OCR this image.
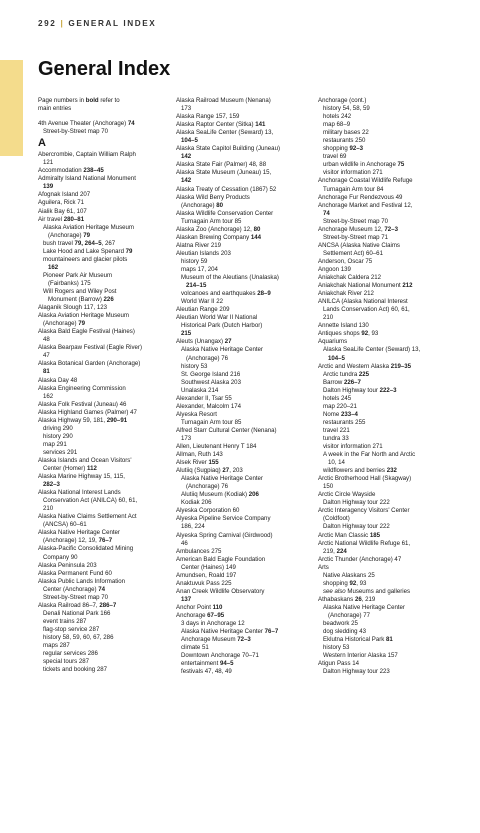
292 | GENERAL INDEX
General Index
Page numbers in bold refer to
main entries
4th Avenue Theater (Anchorage) 74
Street-by-Street map 70
A
Abercrombie, Captain William Ralph
121
Accommodation 238–45
Admiralty Island National Monument
139
Afognak Island 207
Aguilera, Rick 71
Aialik Bay 61, 107
Air travel 280–81
Alaska Aviation Heritage Museum
(Anchorage) 79
bush travel 79, 264–5, 267
Lake Hood and Lake Spenard 79
mountaineers and glacier pilots
162
Pioneer Park Air Museum
(Fairbanks) 175
Will Rogers and Wiley Post
Monument (Barrow) 226
Alaganik Slough 117, 123
Alaska Aviation Heritage Museum
(Anchorage) 79
Alaska Bald Eagle Festival (Haines)
48
Alaska Bearpaw Festival (Eagle River)
47
Alaska Botanical Garden (Anchorage)
81
Alaska Day 48
Alaska Engineering Commission
162
Alaska Folk Festival (Juneau) 46
Alaska Highland Games (Palmer) 47
Alaska Highway 59, 181, 290–91
driving 290
history 290
map 291
services 291
Alaska Islands and Ocean Visitors'
Center (Homer) 112
Alaska Marine Highway 15, 115,
282–3
Alaska National Interest Lands
Conservation Act (ANILCA) 60, 61,
210
Alaska Native Claims Settlement Act
(ANCSA) 60–61
Alaska Native Heritage Center
(Anchorage) 12, 19, 76–7
Alaska-Pacific Consolidated Mining
Company 90
Alaska Peninsula 203
Alaska Permanent Fund 60
Alaska Public Lands Information
Center (Anchorage) 74
Street-by-Street map 70
Alaska Railroad 86–7, 286–7
Denali National Park 166
event trains 287
flag-stop service 287
history 58, 59, 60, 67, 286
maps 287
regular services 286
special tours 287
tickets and booking 287
Alaska Railroad Museum (Nenana)
173
Alaska Range 157, 159
Alaska Raptor Center (Sitka) 141
Alaska SeaLife Center (Seward) 13,
104–5
Alaska State Capitol Building (Juneau)
142
Alaska State Fair (Palmer) 48, 88
Alaska State Museum (Juneau) 15,
142
Alaska Treaty of Cessation (1867) 52
Alaska Wild Berry Products
(Anchorage) 80
Alaska Wildlife Conservation Center
Turnagain Arm tour 85
Alaska Zoo (Anchorage) 12, 80
Alaskan Brewing Company 144
Alatna River 219
Aleutian Islands 203
history 59
maps 17, 204
Museum of the Aleutians (Unalaska)
214–15
volcanoes and earthquakes 28–9
World War II 22
Aleutian Range 209
Aleutian World War II National
Historical Park (Dutch Harbor)
215
Aleuts (Unangax) 27
Alaska Native Heritage Center
(Anchorage) 76
history 53
St. George Island 216
Southwest Alaska 203
Unalaska 214
Alexander II, Tsar 55
Alexander, Malcolm 174
Alyeska Resort
Turnagain Arm tour 85
Alfred Starr Cultural Center (Nenana)
173
Allen, Lieutenant Henry T 184
Allman, Ruth 143
Alsek River 155
Alutiiq (Sugpiaq) 27, 203
Alaska Native Heritage Center
(Anchorage) 76
Alutiiq Museum (Kodiak) 206
Kodiak 206
Alyeska Corporation 60
Alyeska Pipeline Service Company
186, 224
Alyeska Spring Carnival (Girdwood)
46
Ambulances 275
American Bald Eagle Foundation
Center (Haines) 149
Amundsen, Roald 197
Anaktuvuk Pass 225
Anan Creek Wildlife Observatory
137
Anchor Point 110
Anchorage 67–95
3 days in Anchorage 12
Alaska Native Heritage Center 76–7
Anchorage Museum 72–3
climate 51
Downtown Anchorage 70–71
entertainment 94–5
festivals 47, 48, 49
Anchorage (cont.)
history 54, 58, 59
hotels 242
map 68–9
military bases 22
restaurants 250
shopping 92–3
travel 69
urban wildlife in Anchorage 75
visitor information 271
Anchorage Coastal Wildlife Refuge
Turnagain Arm tour 84
Anchorage Fur Rendezvous 49
Anchorage Market and Festival 12,
74
Street-by-Street map 70
Anchorage Museum 12, 72–3
Street-by-Street map 71
ANCSA (Alaska Native Claims
Settlement Act) 60–61
Anderson, Oscar 75
Angoon 139
Aniakchak Caldera 212
Aniakchak National Monument 212
Aniakchak River 212
ANILCA (Alaska National Interest
Lands Conservation Act) 60, 61,
210
Annette Island 130
Antiques shops 92, 93
Aquariums
Alaska SeaLife Center (Seward) 13,
104–5
Arctic and Western Alaska 219–35
Arctic tundra 225
Barrow 226–7
Dalton Highway tour 222–3
hotels 245
map 220–21
Nome 233–4
restaurants 255
travel 221
tundra 33
visitor information 271
A week in the Far North and Arctic
10, 14
wildflowers and berries 232
Arctic Brotherhood Hall (Skagway)
150
Arctic Circle Wayside
Dalton Highway tour 222
Arctic Interagency Visitors' Center
(Coldfoot)
Dalton Highway tour 222
Arctic Man Classic 185
Arctic National Wildlife Refuge 61,
219, 224
Arctic Thunder (Anchorage) 47
Arts
Native Alaskans 25
shopping 92, 93
see also Museums and galleries
Athabaskans 26, 219
Alaska Native Heritage Center
(Anchorage) 77
beadwork 25
dog sledding 43
Eklutna Historical Park 81
history 53
Western Interior Alaska 157
Atigun Pass 14
Dalton Highway tour 223
